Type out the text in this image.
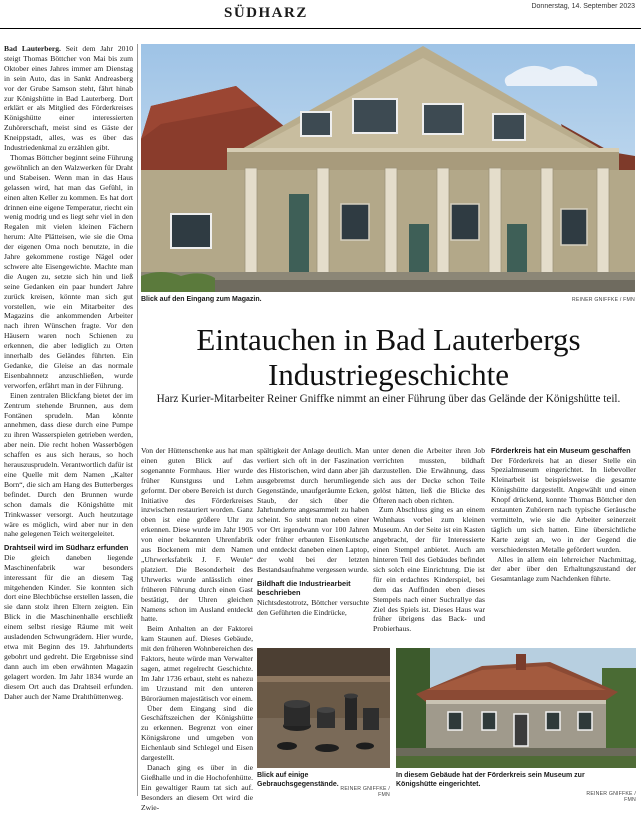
SÜDHARZ	Donnerstag, 14. September 2023

Bad Lauterberg. Seit dem Jahr 2010 steigt Thomas Böttcher von Mai bis zum Oktober eines Jahres immer am Dienstag in sein Auto, das in Sankt Andreasberg vor der Grube Samson steht, fährt hinab zur Königshütte in Bad Lauterberg. Dort erklärt er als Mitglied des Förderkreises Königshütte einer interessierten Zuhörerschaft, meist sind es Gäste der Kneippstadt, alles, was es über das Industriedenkmal zu erzählen gibt.

Thomas Böttcher beginnt seine Führung gewöhnlich an den Walzwerken für Draht und Stabeisen. Wenn man in das Haus gelassen wird, hat man das Gefühl, in einen alten Keller zu kommen. Es hat dort drinnen eine eigene Temperatur, riecht ein wenig modrig und es liegt sehr viel in den Regalen mit vielen kleinen Fächern herum: Alte Plätteisen, wie sie die Oma der eigenen Oma noch benutzte, in die Jahre gekommene rostige Nägel oder schwere alte Eisengewichte. Machte man die Augen zu, setzte sich hin und ließ seine Gedanken ein paar hundert Jahre zurück kreisen, könnte man sich gut vorstellen, wie ein Mitarbeiter des Magazins die ankommenden Arbeiter nach ihren Wünschen fragte. Vor den Häusern waren noch Schienen zu erkennen, die aber lediglich zu Orten innerhalb des Geländes führten. Ein Gedanke, die Gleise an das normale Eisenbahnnetz anzuschließen, wurde verworfen, erfährt man in der Führung.

Einen zentralen Blickfang bietet der im Zentrum stehende Brunnen, aus dem Fontänen sprudeln. Man könnte annehmen, dass diese durch eine Pumpe zu ihren Wasserspielen getrieben werden, aber nein. Die recht hohen Wasserbögen schaffen es aus sich heraus, so hoch herauszusprudeln. Verantwortlich dafür ist eine Quelle mit dem Namen „Kalter Born“, die sich am Hang des Butterberges befindet. Durch den Brunnen wurde schon damals die Königshütte mit Trinkwasser versorgt. Auch heutzutage wäre es möglich, wird aber nur in den nahe gelegenen Teich weitergeleitet.

Drahtseil wird im Südharz erfunden

Die gleich daneben liegende Maschinenfabrik war besonders interessant für die an diesem Tag mitgehenden Kinder. Sie konnten sich dort eine Blechbüchse erstellen lassen, die sie dann stolz ihren Eltern zeigten. Ein Blick in die Maschinenhalle erschließt einem selbst riesige Räume mit weit ausladenden Schwungrädern. Hier wurde, etwa mit Beginn des 19. Jahrhunderts gebohrt und gedreht. Die Ergebnisse sind dann auch im eben erwähnten Magazin gelagert worden. Im Jahr 1834 wurde an diesem Ort auch das Drahtseil erfunden. Daher auch der Name Drahthüttenweg.

Blick auf den Eingang zum Magazin.	REINER GNIFFKE / FMN
Eintauchen in Bad Lauterbergs Industriegeschichte
Harz Kurier-Mitarbeiter Reiner Gniffke nimmt an einer Führung über das Gelände der Königshütte teil.

Von der Hüttenschenke aus hat man einen guten Blick auf das sogenannte Formhaus. Hier wurde früher Kunstguss und Lehm geformt. Der obere Bereich ist durch Initiative des Förderkreises inzwischen restauriert worden. Ganz oben ist eine größere Uhr zu erkennen. Diese wurde im Jahr 1905 von einer bekannten Uhrenfabrik aus Bockenem mit dem Namen „Uhrwerksfabrik J. F. Weule“ platziert. Die Besonderheit des Uhrwerks wurde anlässlich einer früheren Führung durch einen Gast bestätigt, der Uhren gleichen Namens schon im Ausland entdeckt hatte.

Beim Anhalten an der Faktorei kam Staunen auf. Dieses Gebäude, mit den früheren Wohnbereichen des Faktors, heute würde man Verwalter sagen, atmet regelrecht Geschichte. Im Jahr 1736 erbaut, steht es nahezu im Urzustand mit den unteren Büroräumen majestätisch vor einem.

Über dem Eingang sind die Geschäftszeichen der Königshütte zu erkennen. Begrenzt von einer Königskrone und umgeben von Eichenlaub sind Schlegel und Eisen dargestellt.

Danach ging es über in die Gießhalle und in die Hochofenhütte. Ein gewaltiger Raum tat sich auf. Besonders an diesem Ort wird die Zwie-

spältigkeit der Anlage deutlich. Man verliert sich oft in der Faszination des Historischen, wird dann aber jäh ausgebremst durch herumliegende Gegenstände, unaufgeräumte Ecken, Staub, der sich über die Jahrhunderte angesammelt zu haben scheint. So steht man neben einer vor Ort irgendwann vor 100 Jahren oder früher erbauten Eisenkutsche und entdeckt daneben einen Laptop, der wohl bei der letzten Bestandsaufnahme vergessen wurde.

Bildhaft die Industriearbeit beschrieben

Nichtsdestotrotz, Böttcher versuchte den Geführten die Eindrücke,

unter denen die Arbeiter ihren Job verrichten mussten, bildhaft darzustellen. Die Erwähnung, dass sich aus der Decke schon Teile gelöst hätten, ließ die Blicke des Öfteren nach oben richten.

Zum Abschluss ging es an einem Wohnhaus vorbei zum kleinen Museum. An der Seite ist ein Kasten angebracht, der für Interessierte einen Stempel anbietet. Auch am hinteren Teil des Gebäudes befindet sich solch eine Einrichtung. Die ist für ein erdachtes Kinderspiel, bei dem das Auffinden eben dieses Stempels nach einer Suchrallye das Ziel des Spiels ist. Dieses Haus war früher übrigens das Back- und Probierhaus.

Förderkreis hat ein Museum geschaffen

Der Förderkreis hat an dieser Stelle ein Spezialmuseum eingerichtet. In liebevoller Kleinarbeit ist beispielsweise die gesamte Königshütte dargestellt. Angewählt und einen Knopf drückend, konnte Thomas Böttcher den erstaunten Zuhörern nach typische Geräusche vermitteln, wie sie die Arbeiter seinerzeit täglich um sich hatten. Eine übersichtliche Karte zeigt an, wo in der Gegend die verschiedensten Metalle gefördert wurden.

Alles in allem ein lehrreicher Nachmittag, der aber über den Erhaltungszustand der Gesamtanlage zum Nachdenken führte.

Blick auf einige Gebrauchsgegenstände.
REINER GNIFFKE / FMN
In diesem Gebäude hat der Förderkreis sein Museum zur Königshütte eingerichtet.
REINER GNIFFKE / FMN
